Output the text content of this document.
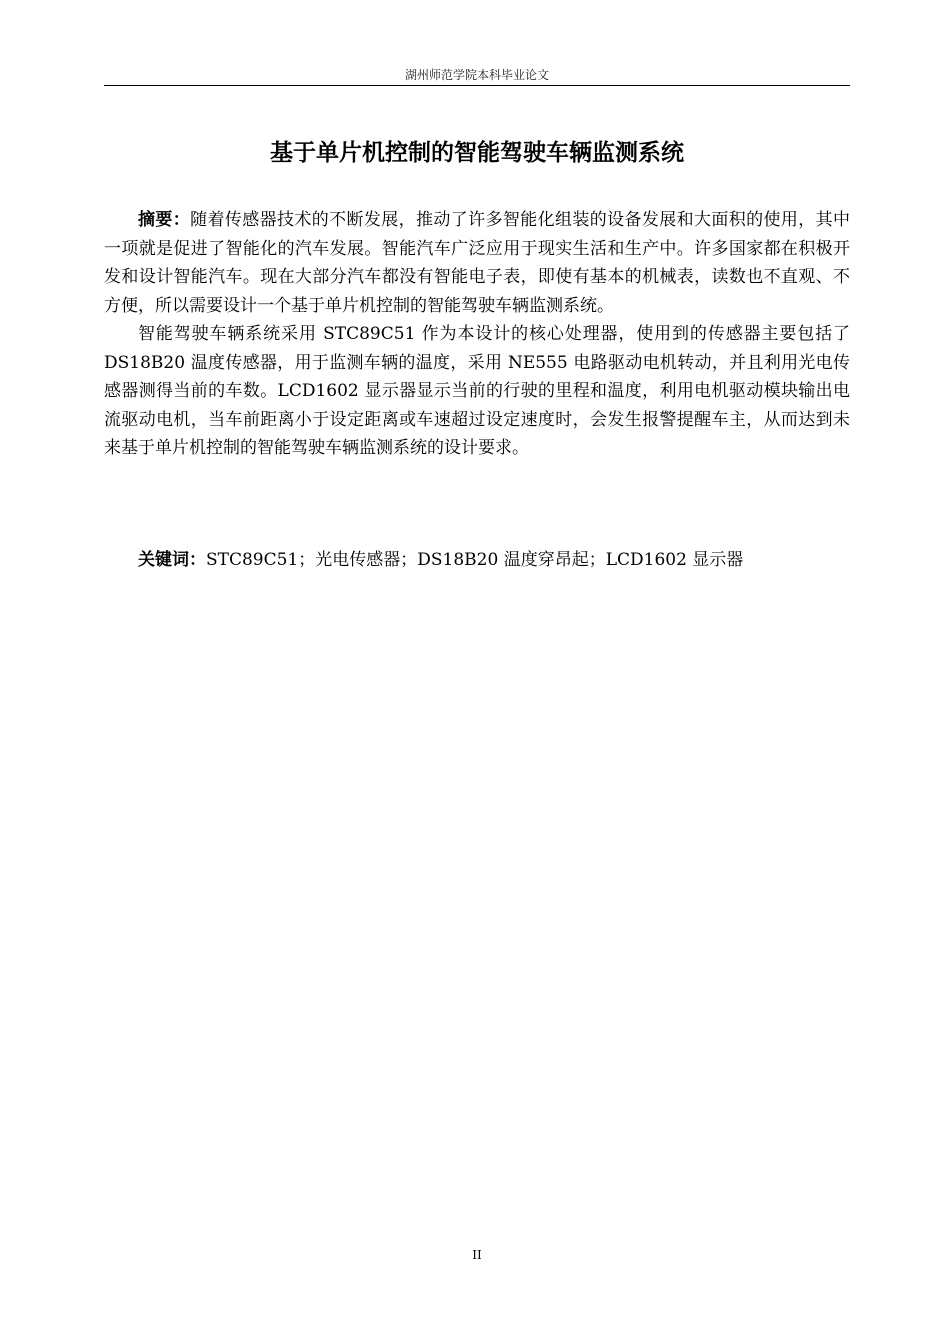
湖州师范学院本科毕业论文
基于单片机控制的智能驾驶车辆监测系统

摘要：随着传感器技术的不断发展，推动了许多智能化组装的设备发展和大面积的使用，其中一项就是促进了智能化的汽车发展。智能汽车广泛应用于现实生活和生产中。许多国家都在积极开发和设计智能汽车。现在大部分汽车都没有智能电子表，即使有基本的机械表，读数也不直观、不方便，所以需要设计一个基于单片机控制的智能驾驶车辆监测系统。

智能驾驶车辆系统采用 STC89C51 作为本设计的核心处理器，使用到的传感器主要包括了 DS18B20 温度传感器，用于监测车辆的温度，采用 NE555 电路驱动电机转动，并且利用光电传感器测得当前的车数。LCD1602 显示器显示当前的行驶的里程和温度，利用电机驱动模块输出电流驱动电机，当车前距离小于设定距离或车速超过设定速度时，会发生报警提醒车主，从而达到未来基于单片机控制的智能驾驶车辆监测系统的设计要求。

关键词：STC89C51；光电传感器；DS18B20 温度穿昂起；LCD1602 显示器

II
